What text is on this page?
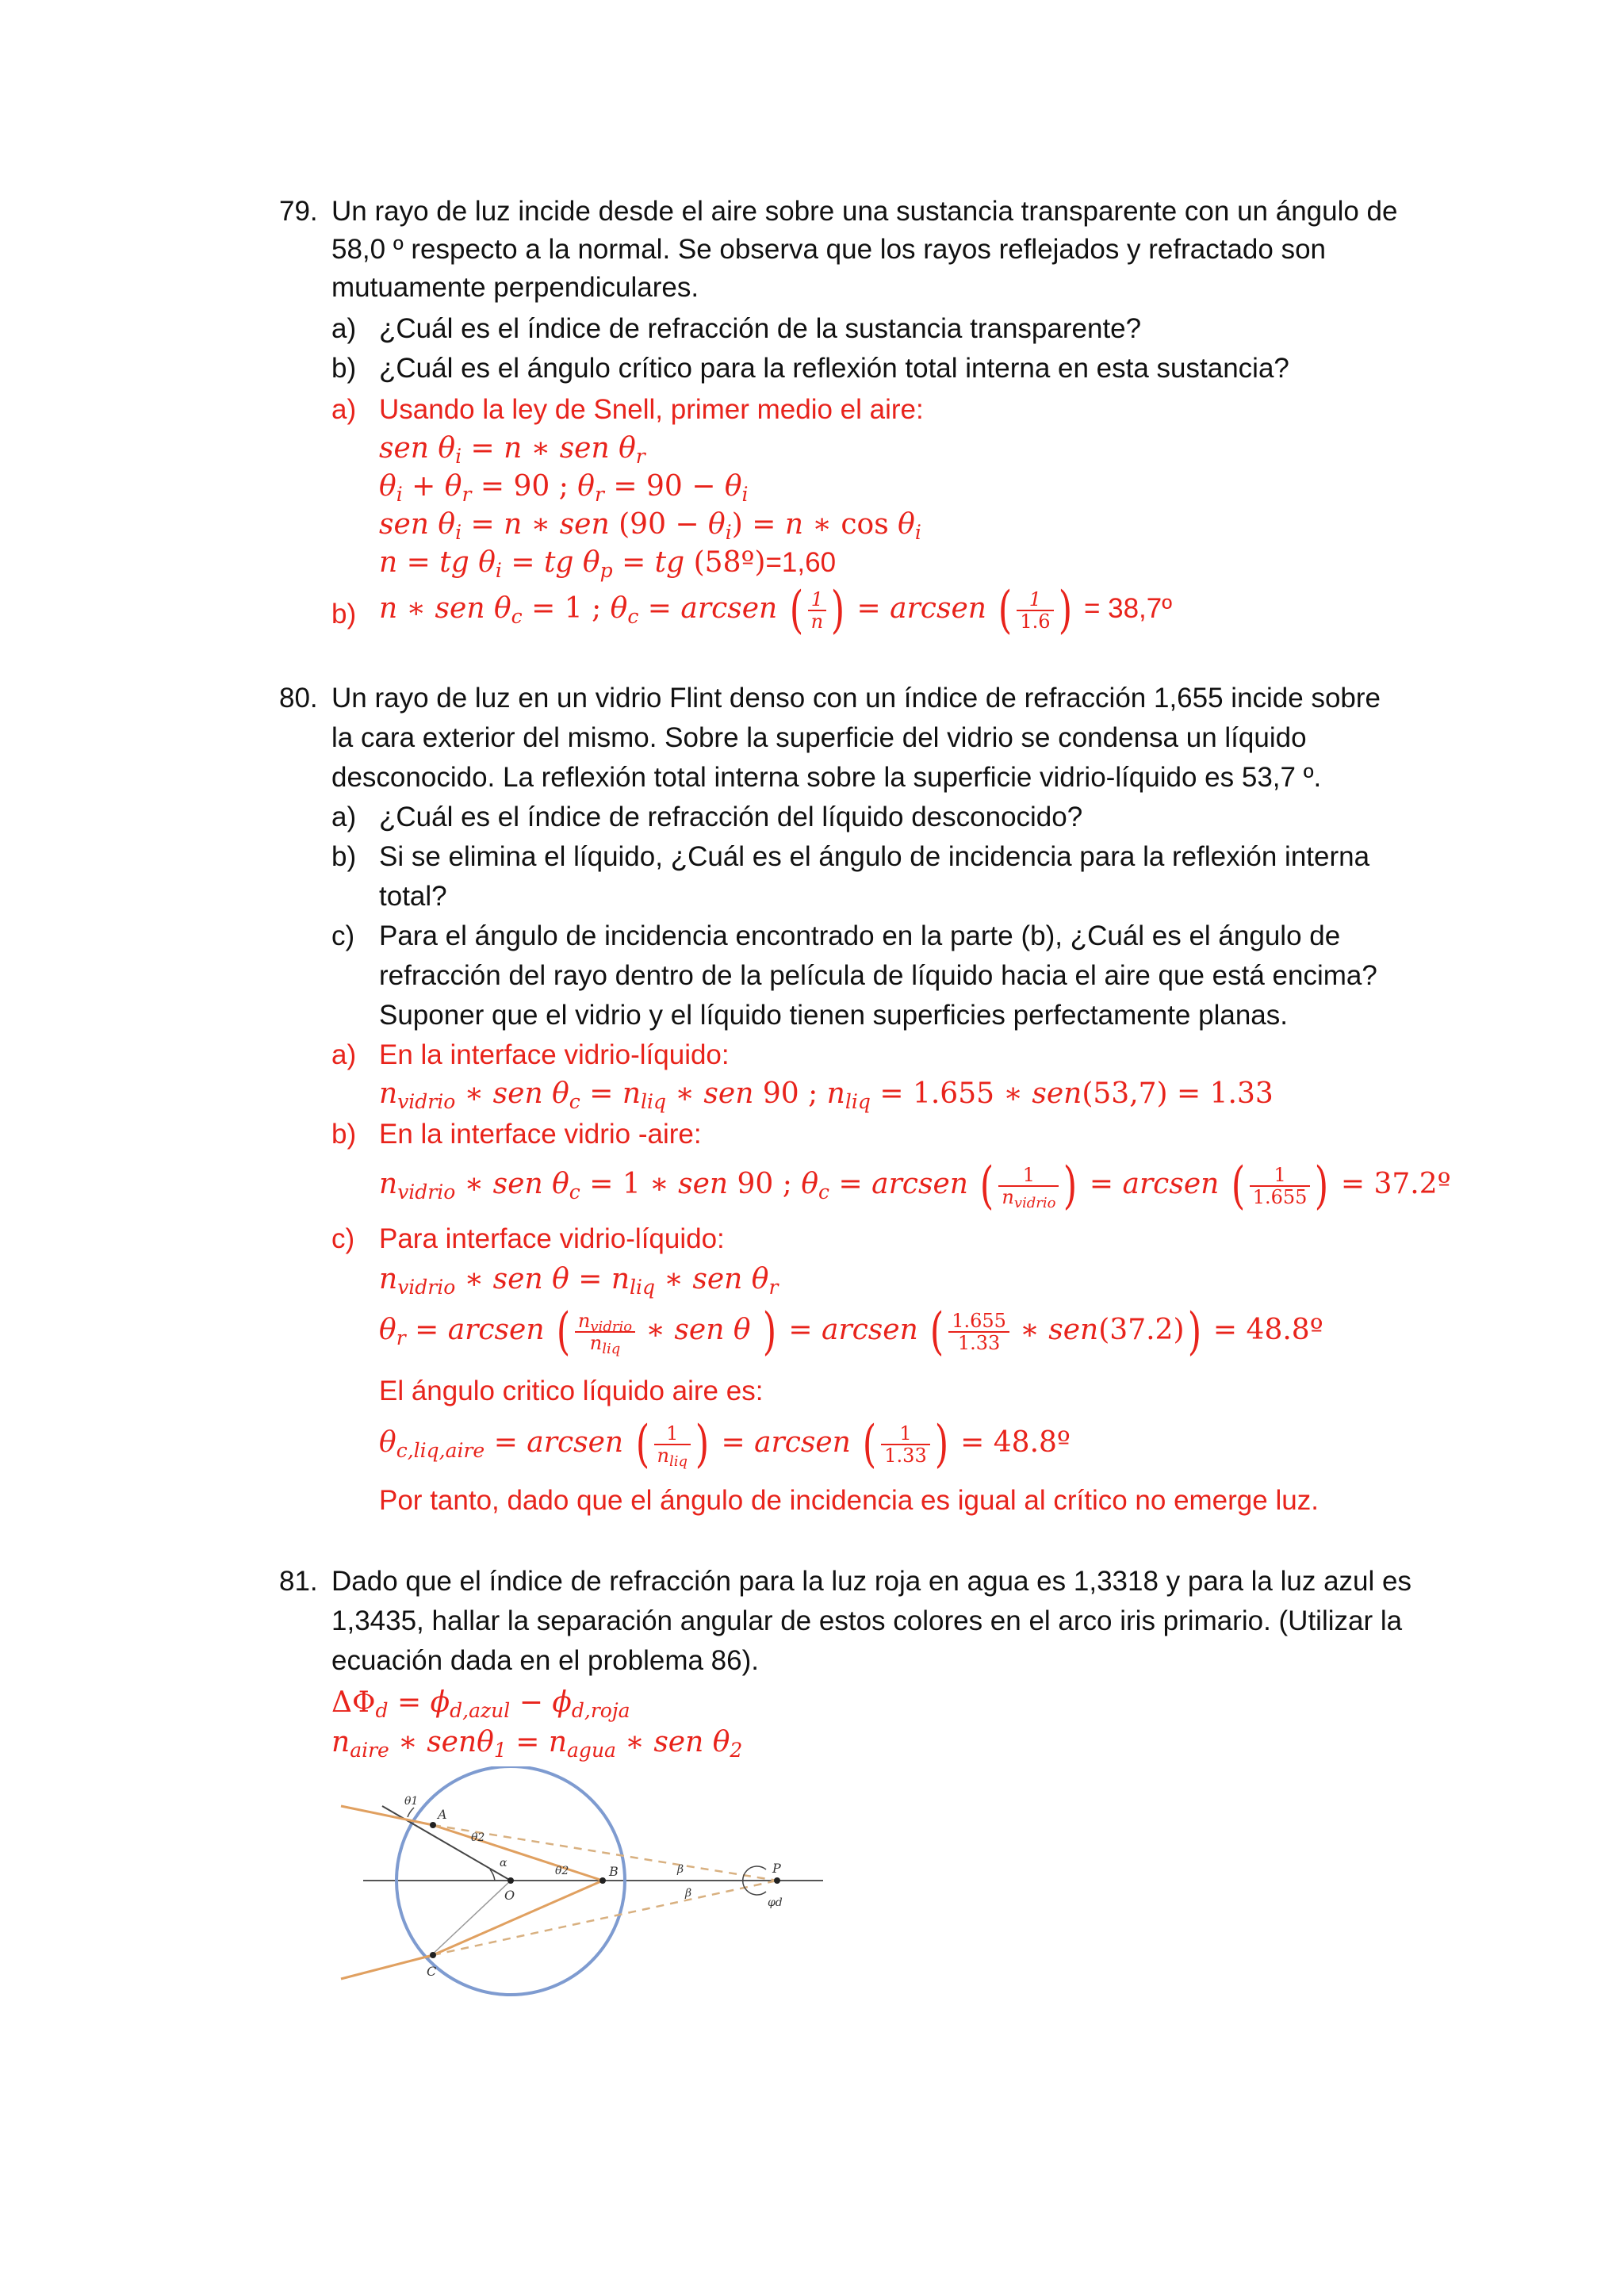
79. Un rayo de luz incide desde el aire sobre una sustancia transparente con un ángulo de
58,0 º respecto a la normal. Se observa que los rayos reflejados y refractado son
mutuamente perpendiculares.
a) ¿Cuál es el índice de refracción de la sustancia transparente?
b) ¿Cuál es el ángulo crítico para la reflexión total interna en esta sustancia?
a) Usando la ley de Snell, primer medio el aire:
sen $\theta_i = n$ ∗ sen $\theta_r$
$\theta_i + \theta_r = 90$ ; $\theta_r = 90 - \theta_i$
sen $\theta_i = n$ ∗ sen $(90 - \theta_i) = n$ ∗ $\cos \theta_i$
n = tg $\theta_i$ = tg $\theta_p$ = tg (58º)=1,60
b) n ∗ sen $\theta_c = 1$ ; $\theta_c$ = arcsen ( $\frac{1}{n}$ ) = arcsen ( $\frac{1}{1.6}$ ) = 38,7º
80. Un rayo de luz en un vidrio Flint denso con un índice de refracción 1,655 incide sobre
la cara exterior del mismo. Sobre la superficie del vidrio se condensa un líquido
desconocido. La reflexión total interna sobre la superficie vidrio-líquido es 53,7 º.
a) ¿Cuál es el índice de refracción del líquido desconocido?
b) Si se elimina el líquido, ¿Cuál es el ángulo de incidencia para la reflexión interna
total?
c) Para el ángulo de incidencia encontrado en la parte (b), ¿Cuál es el ángulo de
refracción del rayo dentro de la película de líquido hacia el aire que está encima?
Suponer que el vidrio y el líquido tienen superficies perfectamente planas.
a) En la interface vidrio-líquido:
$n_{vidrio}$ ∗ sen $\theta_c = n_{liq}$ ∗ sen 90 ; $n_{liq} = 1.655$ ∗ sen(53,7) = 1.33
b) En la interface vidrio -aire:
$n_{vidrio}$ ∗ sen $\theta_c = 1$ ∗ sen 90 ; $\theta_c$ = arcsen ( $\frac{1}{n_{vidrio}}$ ) = arcsen ( $\frac{1}{1.655}$ ) = 37.2º
c) Para interface vidrio-líquido:
$n_{vidrio}$ ∗ sen $\theta = n_{liq}$ ∗ sen $\theta_r$
$\theta_r$ = arcsen ( $\frac{n_{vidrio}}{n_{liq}}$ ∗ sen θ ) = arcsen ( $\frac{1.655}{1.33}$ ∗ sen(37.2)) = 48.8º
El ángulo critico líquido aire es:
$\theta_{c,liq,aire}$ = arcsen ( $\frac{1}{n_{liq}}$ ) = arcsen ( $\frac{1}{1.33}$ ) = 48.8º
Por tanto, dado que el ángulo de incidencia es igual al crítico no emerge luz.
81. Dado que el índice de refracción para la luz roja en agua es 1,3318 y para la luz azul es
1,3435, hallar la separación angular de estos colores en el arco iris primario. (Utilizar la
ecuación dada en el problema 86).
$\Delta\Phi_d = \phi_{d,azul} - \phi_{d,roja}$
$n_{aire}$ ∗ $sen\theta_1 = n_{agua}$ ∗ sen $\theta_2$
A
B
C
O
P
θ1
θ2
α
θ2	β
β
φd
